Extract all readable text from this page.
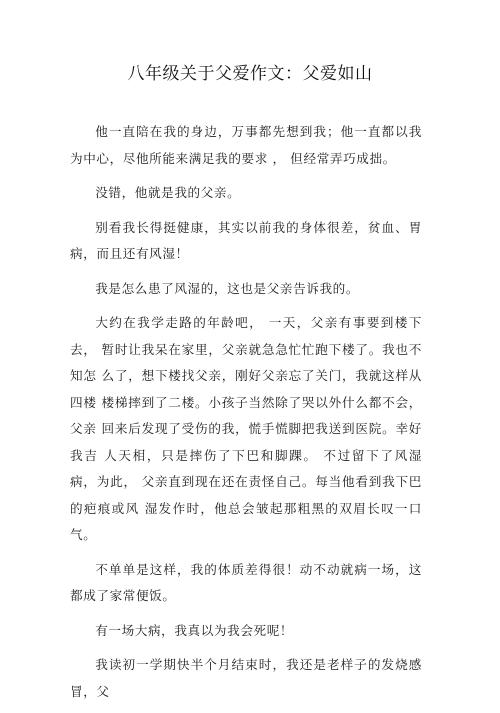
八年级关于父爱作文：父爱如山

他一直陪在我的身边，万事都先想到我；他一直都以我 为中心，尽他所能来满足我的要求 ， 但经常弄巧成拙。

没错，他就是我的父亲。

别看我长得挺健康，其实以前我的身体很差，贫血、胃 病，而且还有风湿！

我是怎么患了风湿的，这也是父亲告诉我的。

大约在我学走路的年龄吧， 一天，父亲有事要到楼下去， 暂时让我呆在家里，父亲就急急忙忙跑下楼了。我也不知怎 么了，想下楼找父亲，刚好父亲忘了关门，我就这样从四楼 楼梯摔到了二楼。小孩子当然除了哭以外什么都不会，父亲 回来后发现了受伤的我，慌手慌脚把我送到医院。幸好我吉 人天相，只是摔伤了下巴和脚踝。 不过留下了风湿病，为此， 父亲直到现在还在责怪自己。每当他看到我下巴的疤痕或风 湿发作时，他总会皱起那粗黑的双眉长叹一口气。

不单单是这样，我的体质差得很！动不动就病一场，这 都成了家常便饭。

有一场大病，我真以为我会死呢！

我读初一学期快半个月结束时，我还是老样子的发烧感 冒，父
